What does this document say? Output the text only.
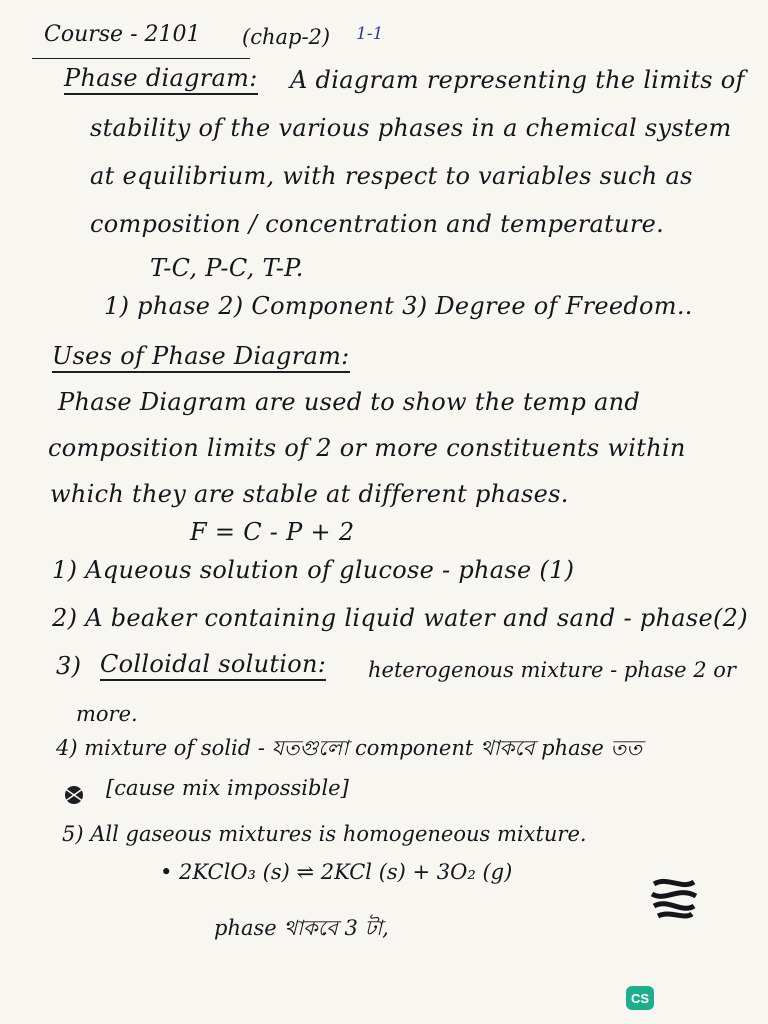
Course - 2101 (chap-2) 1-1
Phase diagram: A diagram representing the limits of
stability of the various phases in a chemical system
at equilibrium, with respect to variables such as
composition / concentration and temperature.
T-C, P-C, T-P.
1) phase 2) Component 3) Degree of Freedom..
Uses of Phase Diagram:
Phase Diagram are used to show the temp and
composition limits of 2 or more constituents within
which they are stable at different phases.
F = C - P + 2
1) Aqueous solution of glucose - phase (1)
2) A beaker containing liquid water and sand - phase(2)
3) Colloidal solution: heterogenous mixture - phase 2 or
more.
4) mixture of solid - যতগুলো component থাকবে phase তত
[cause mix impossible]
5) All gaseous mixtures is homogeneous mixture.
• 2KClO₃ (s) ⇌ 2KCl (s) + 3O₂ (g)
phase থাকবে 3 টা,
CS
